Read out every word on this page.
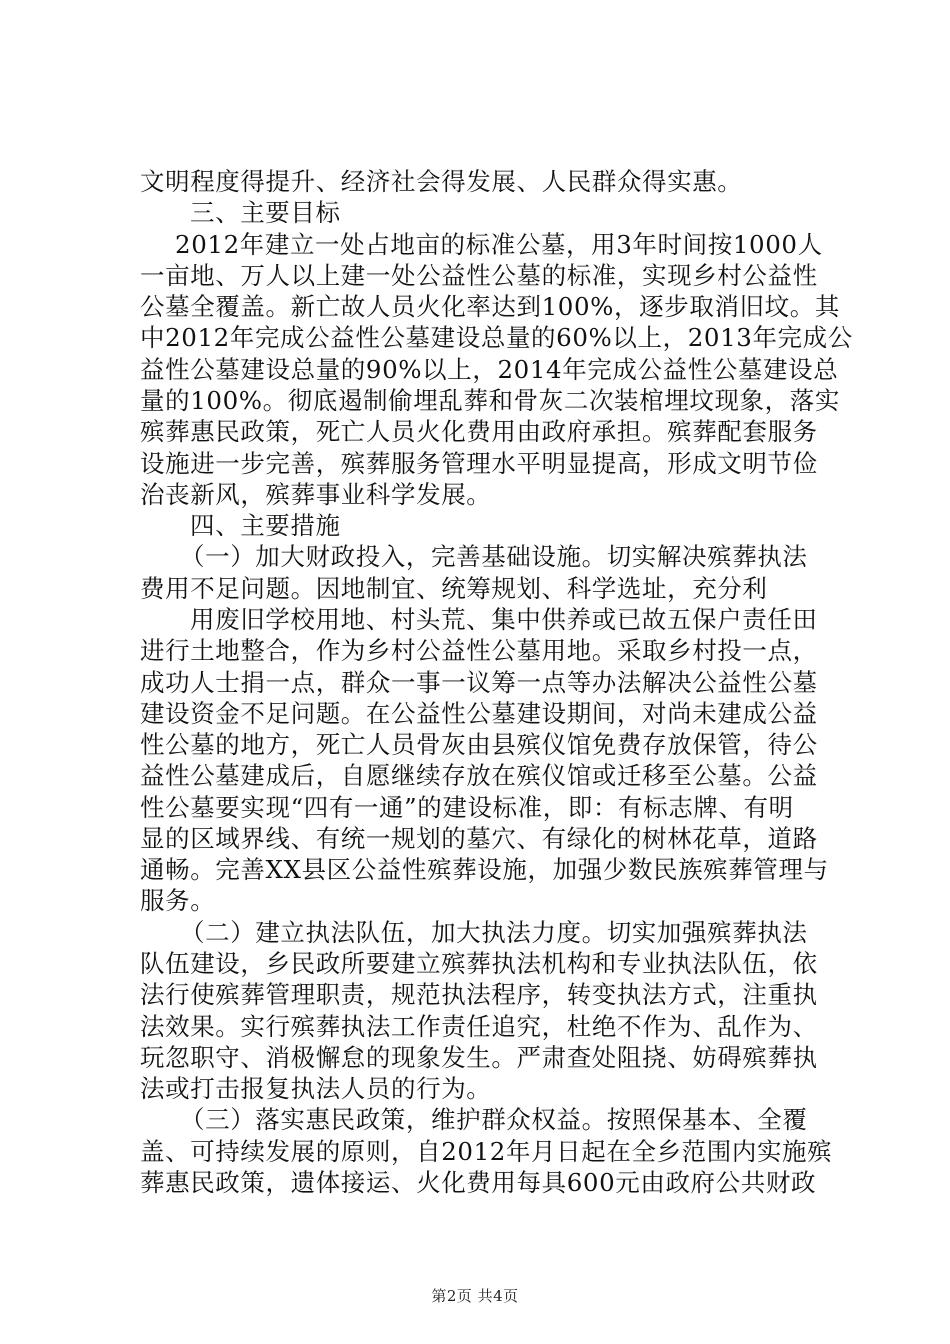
文明程度得提升、经济社会得发展、人民群众得实惠。
三、主要目标
2012年建立一处占地亩的标准公墓，用3年时间按1000人
一亩地、万人以上建一处公益性公墓的标准，实现乡村公益性
公墓全覆盖。新亡故人员火化率达到100%，逐步取消旧坟。其
中2012年完成公益性公墓建设总量的60%以上，2013年完成公
益性公墓建设总量的90%以上，2014年完成公益性公墓建设总
量的100%。彻底遏制偷埋乱葬和骨灰二次装棺埋坟现象，落实
殡葬惠民政策，死亡人员火化费用由政府承担。殡葬配套服务
设施进一步完善，殡葬服务管理水平明显提高，形成文明节俭
治丧新风，殡葬事业科学发展。
四、主要措施
（一）加大财政投入，完善基础设施。切实解决殡葬执法
费用不足问题。因地制宜、统筹规划、科学选址，充分利
用废旧学校用地、村头荒、集中供养或已故五保户责任田
进行土地整合，作为乡村公益性公墓用地。采取乡村投一点，
成功人士捐一点，群众一事一议筹一点等办法解决公益性公墓
建设资金不足问题。在公益性公墓建设期间，对尚未建成公益
性公墓的地方，死亡人员骨灰由县殡仪馆免费存放保管，待公
益性公墓建成后，自愿继续存放在殡仪馆或迁移至公墓。公益
性公墓要实现“四有一通”的建设标准，即：有标志牌、有明
显的区域界线、有统一规划的墓穴、有绿化的树林花草，道路
通畅。完善XX县区公益性殡葬设施，加强少数民族殡葬管理与
服务。
（二）建立执法队伍，加大执法力度。切实加强殡葬执法
队伍建设，乡民政所要建立殡葬执法机构和专业执法队伍，依
法行使殡葬管理职责，规范执法程序，转变执法方式，注重执
法效果。实行殡葬执法工作责任追究，杜绝不作为、乱作为、
玩忽职守、消极懈怠的现象发生。严肃查处阻挠、妨碍殡葬执
法或打击报复执法人员的行为。
（三）落实惠民政策，维护群众权益。按照保基本、全覆
盖、可持续发展的原则，自2012年月日起在全乡范围内实施殡
葬惠民政策，遗体接运、火化费用每具600元由政府公共财政
第2页 共4页
